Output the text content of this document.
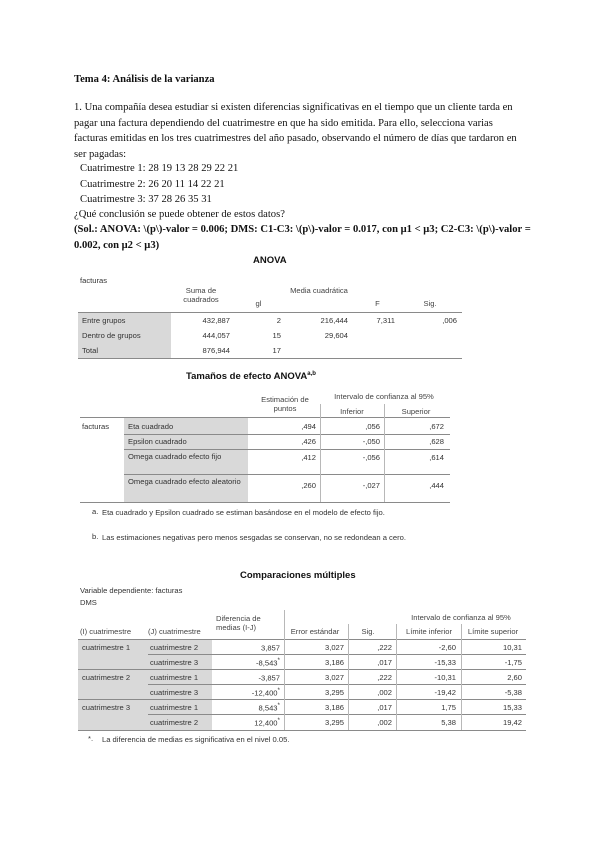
Tema 4: Análisis de la varianza

1. Una compañía desea estudiar si existen diferencias significativas en el tiempo que un cliente tarda en pagar una factura dependiendo del cuatrimestre en que ha sido emitida. Para ello, selecciona varias facturas emitidas en los tres cuatrimestres del año pasado, observando el número de días que tardaron en ser pagadas:

Cuatrimestre 1: 28 19 13 28 29 22 21
Cuatrimestre 2: 26 20 11 14 22 21
Cuatrimestre 3: 37 28 26 35 31
¿Qué conclusión se puede obtener de estos datos?
(Sol.: ANOVA: \(p\)-valor = 0.006; DMS: C1-C3: \(p\)-valor = 0.017, con μ1 < μ3; C2-C3: \(p\)-valor = 0.002, con μ2 < μ3)
ANOVA
facturas
Suma de cuadrados	gl
Media cuadrática
F	Sig.
Entre grupos	432,887	2	216,444	7,311	,006
Dentro de grupos	444,057	15	29,604
Total	876,944	17
Tamaños de efecto ANOVA$^{a,b}$
Estimación de puntos
Intervalo de confianza al 95%
Inferior	Superior
facturas Eta cuadrado	,494	,056	,672
Epsilon cuadrado	,426	-,050	,628
Omega cuadrado efecto fijo	,412	-,056	,614
Omega cuadrado efecto aleatorio	,260	-,027	,444
a. Eta cuadrado y Epsilon cuadrado se estiman basándose en el modelo de efecto fijo.
b. Las estimaciones negativas pero menos sesgadas se conservan, no se redondean a cero.
Comparaciones múltiples
Variable dependiente: facturas
DMS
(I) cuatrimestre	(J) cuatrimestre
Diferencia de medias (I-J)	Error estándar	Sig.
Intervalo de confianza al 95%
Límite inferior	Límite superior
cuatrimestre 1	cuatrimestre 2	3,857	3,027	,222	-2,60	10,31
cuatrimestre 3	-8,543*	3,186	,017	-15,33	-1,75
cuatrimestre 2	cuatrimestre 1	-3,857	3,027	,222	-10,31	2,60
cuatrimestre 3	-12,400*	3,295	,002	-19,42	-5,38
cuatrimestre 3	cuatrimestre 1	8,543*	3,186	,017	1,75	15,33
cuatrimestre 2	12,400*	3,295	,002	5,38	19,42
*. La diferencia de medias es significativa en el nivel 0.05.
